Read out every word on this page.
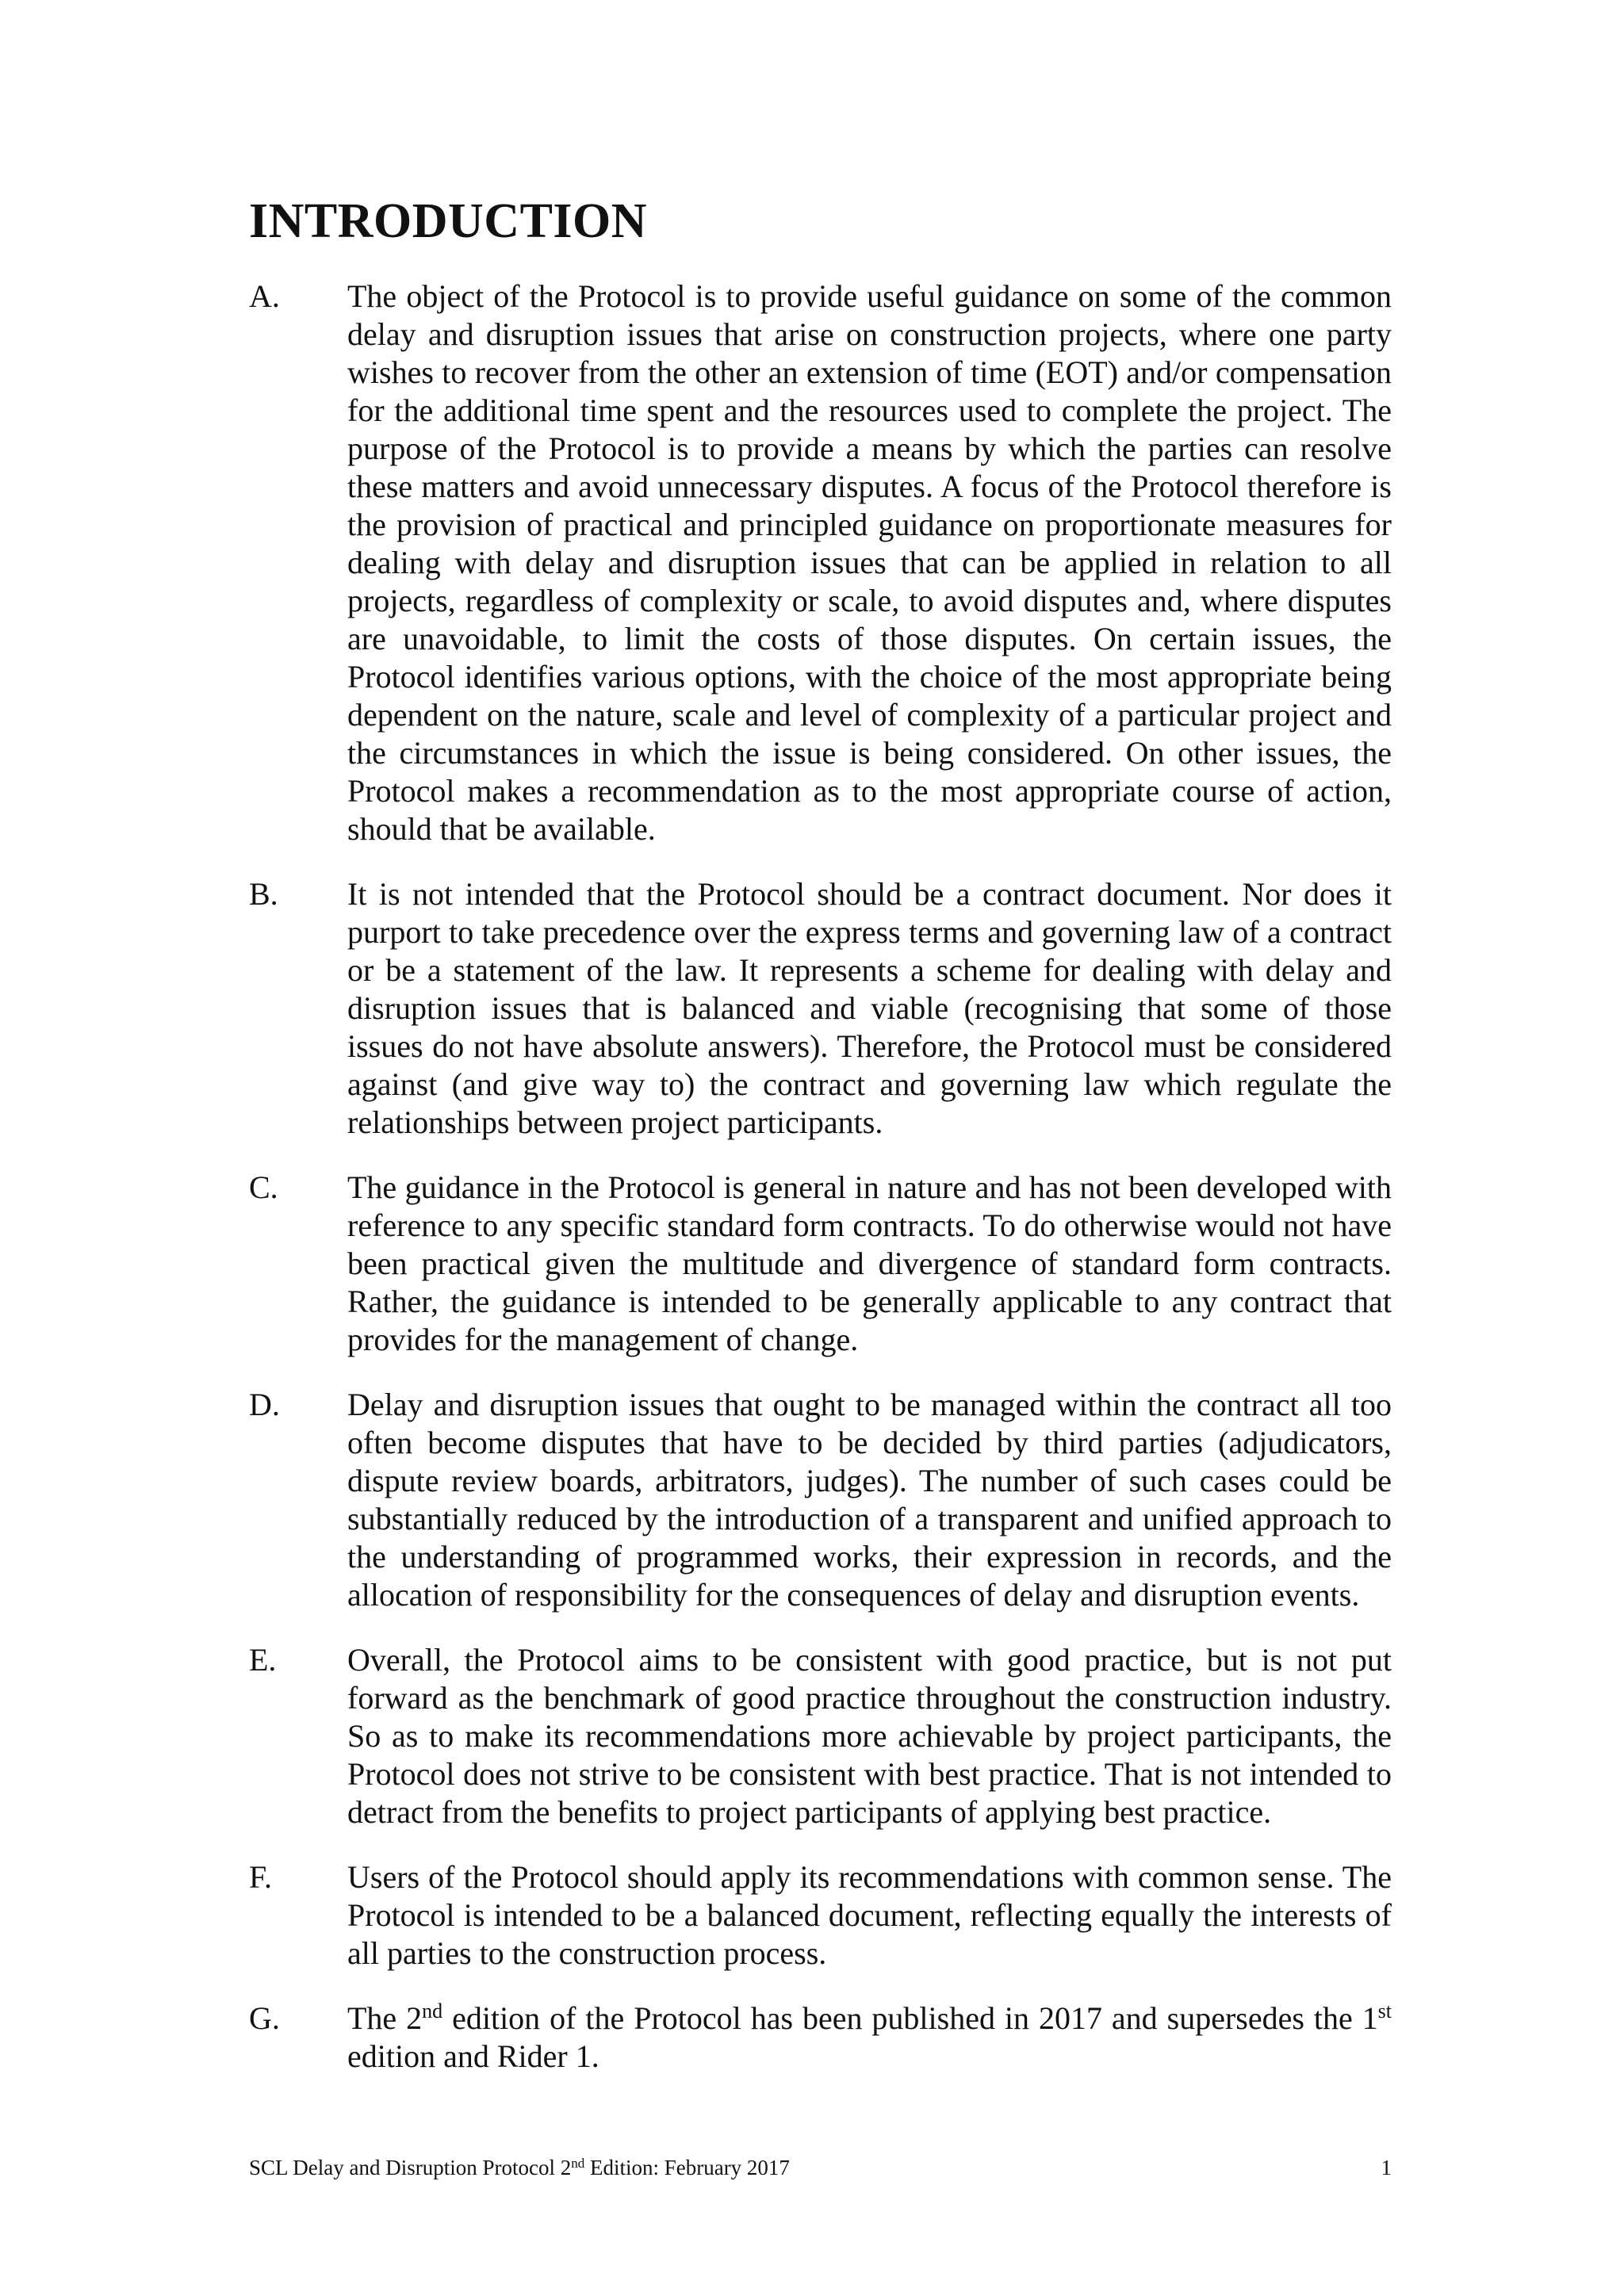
INTRODUCTION
A.	The object of the Protocol is to provide useful guidance on some of the common delay and disruption issues that arise on construction projects, where one party wishes to recover from the other an extension of time (EOT) and/or compensation for the additional time spent and the resources used to complete the project. The purpose of the Protocol is to provide a means by which the parties can resolve these matters and avoid unnecessary disputes. A focus of the Protocol therefore is the provision of practical and principled guidance on proportionate measures for dealing with delay and disruption issues that can be applied in relation to all projects, regardless of complexity or scale, to avoid disputes and, where disputes are unavoidable, to limit the costs of those disputes. On certain issues, the Protocol identifies various options, with the choice of the most appropriate being dependent on the nature, scale and level of complexity of a particular project and the circumstances in which the issue is being considered. On other issues, the Protocol makes a recommendation as to the most appropriate course of action, should that be available.
B.	It is not intended that the Protocol should be a contract document. Nor does it purport to take precedence over the express terms and governing law of a contract or be a statement of the law. It represents a scheme for dealing with delay and disruption issues that is balanced and viable (recognising that some of those issues do not have absolute answers). Therefore, the Protocol must be considered against (and give way to) the contract and governing law which regulate the relationships between project participants.
C.	The guidance in the Protocol is general in nature and has not been developed with reference to any specific standard form contracts. To do otherwise would not have been practical given the multitude and divergence of standard form contracts. Rather, the guidance is intended to be generally applicable to any contract that provides for the management of change.
D.	Delay and disruption issues that ought to be managed within the contract all too often become disputes that have to be decided by third parties (adjudicators, dispute review boards, arbitrators, judges). The number of such cases could be substantially reduced by the introduction of a transparent and unified approach to the understanding of programmed works, their expression in records, and the allocation of responsibility for the consequences of delay and disruption events.
E.	Overall, the Protocol aims to be consistent with good practice, but is not put forward as the benchmark of good practice throughout the construction industry. So as to make its recommendations more achievable by project participants, the Protocol does not strive to be consistent with best practice. That is not intended to detract from the benefits to project participants of applying best practice.
F.	Users of the Protocol should apply its recommendations with common sense. The Protocol is intended to be a balanced document, reflecting equally the interests of all parties to the construction process.
G.	The 2nd edition of the Protocol has been published in 2017 and supersedes the 1st edition and Rider 1.
SCL Delay and Disruption Protocol 2nd Edition: February 2017	1
